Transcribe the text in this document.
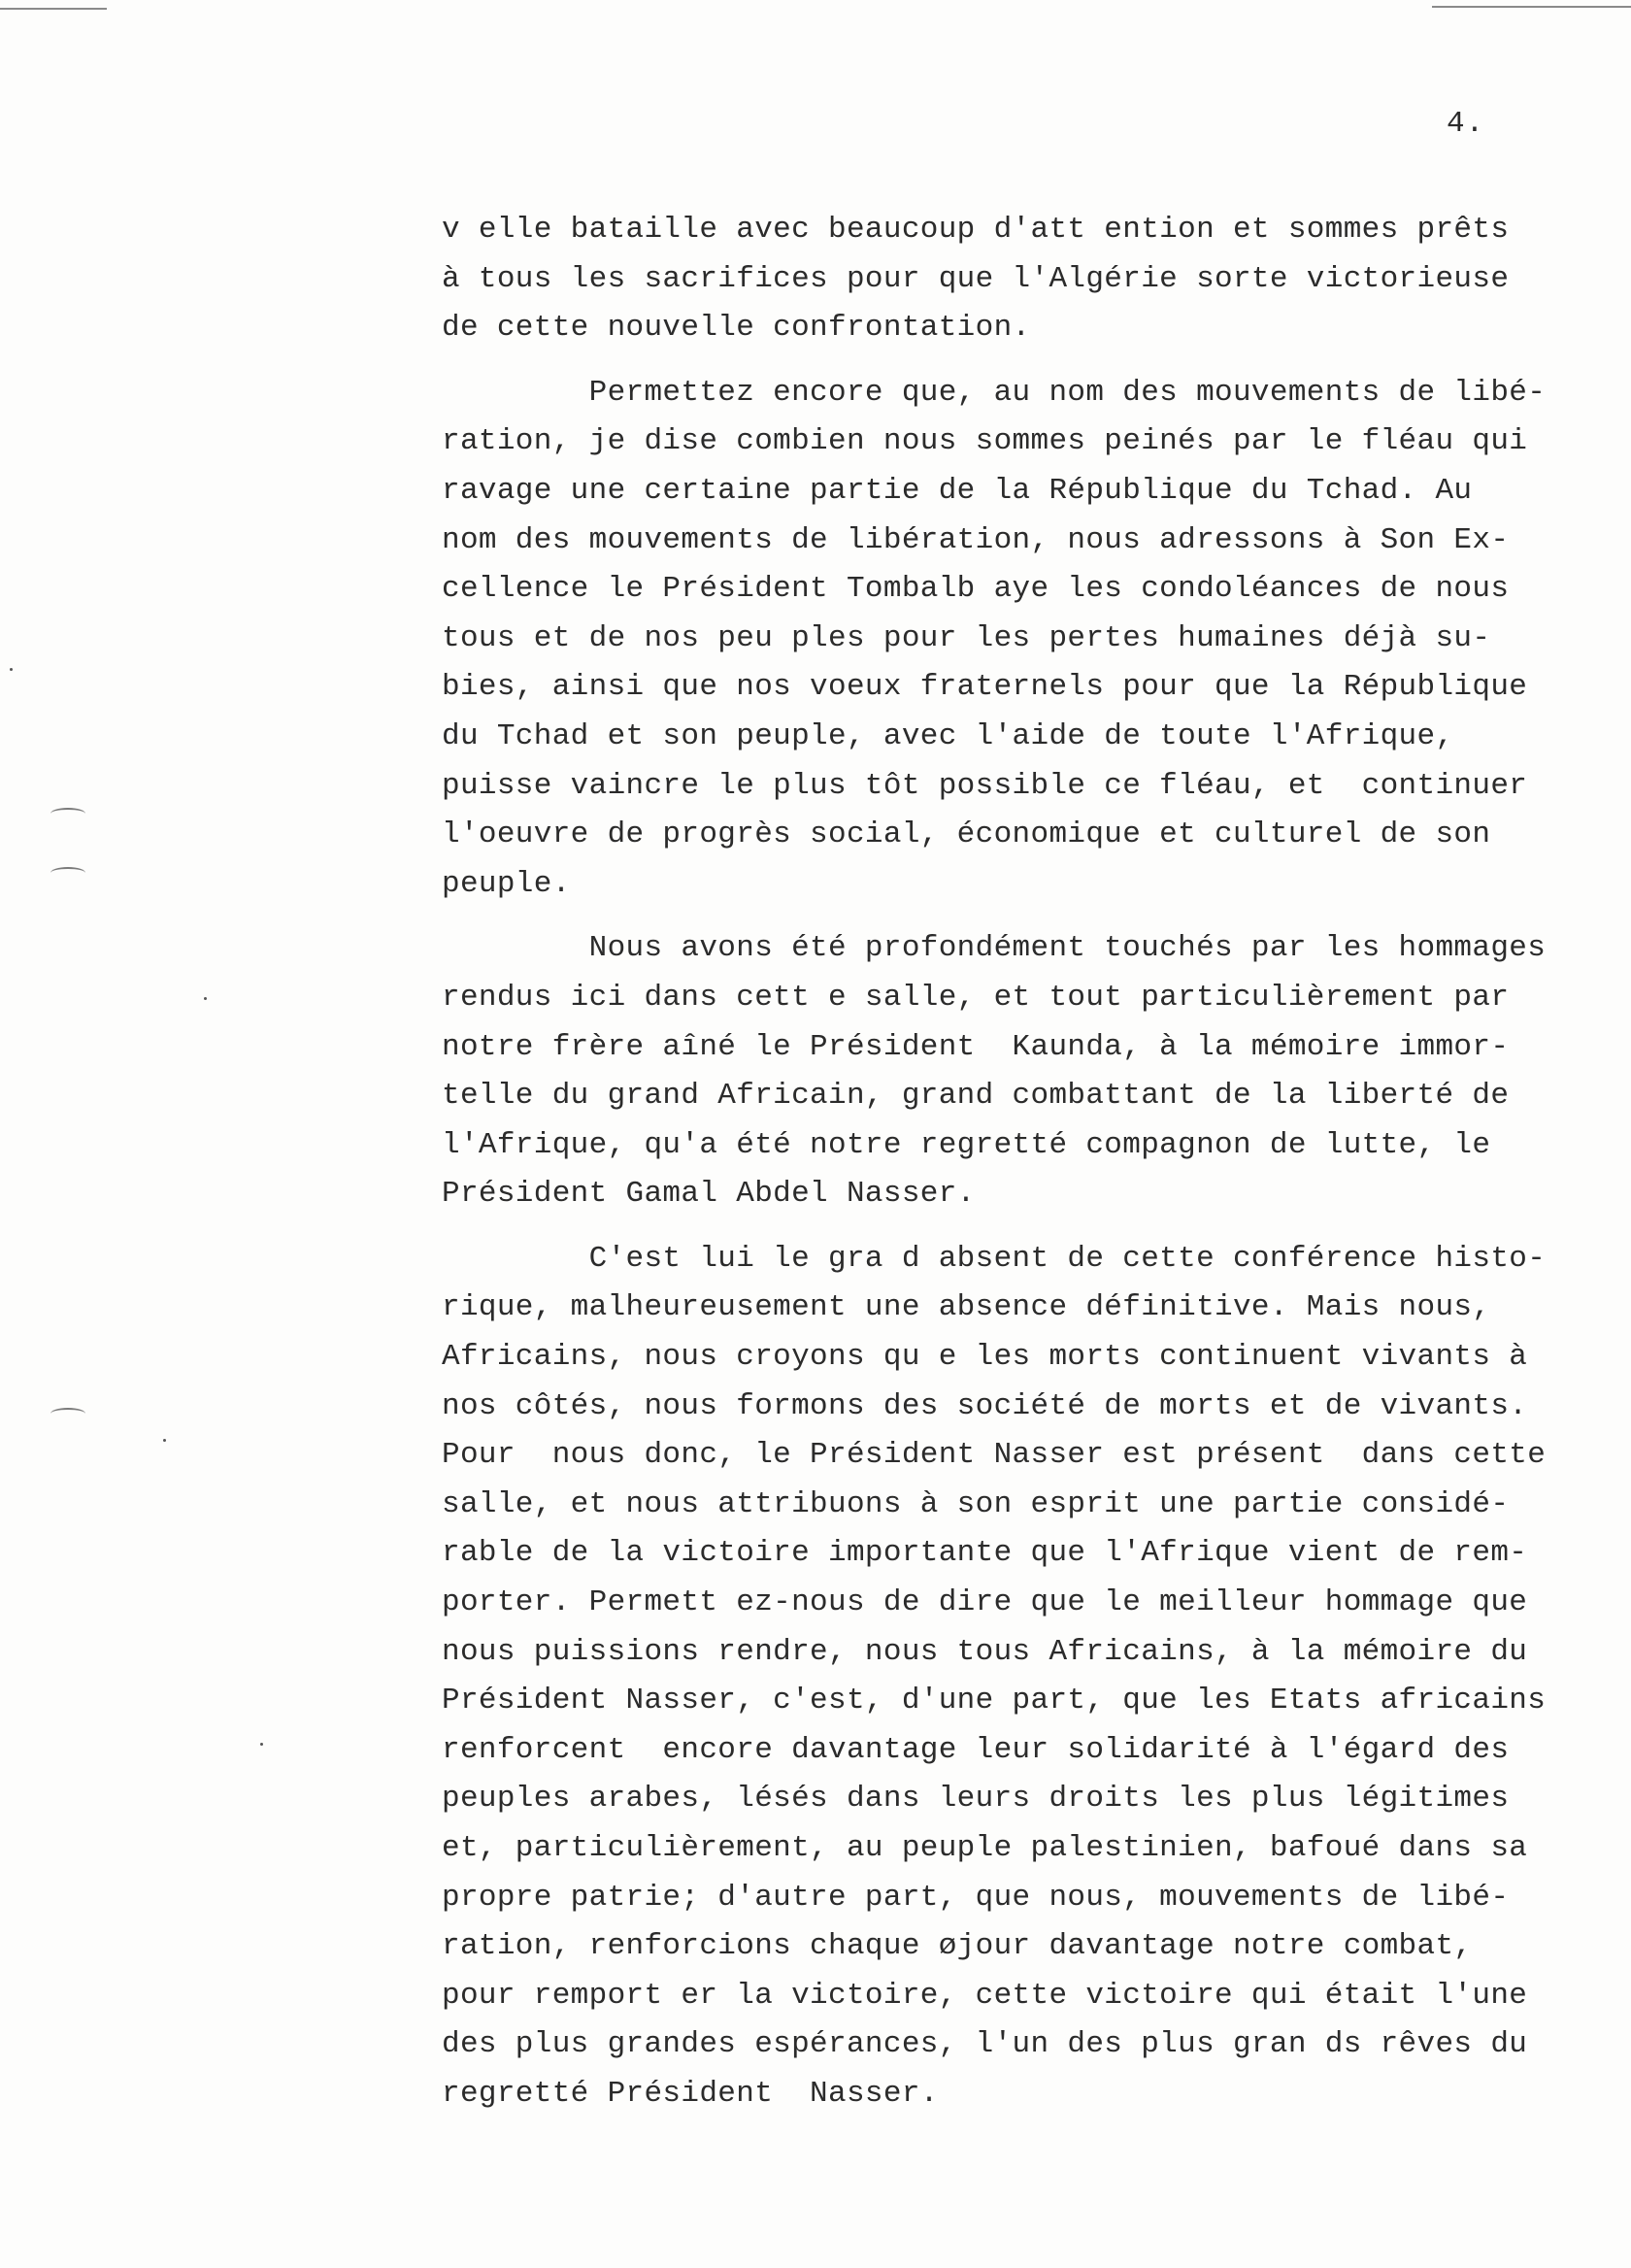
4.

v elle bataille avec beaucoup d'att ention et sommes prêts
à tous les sacrifices pour que l'Algérie sorte victorieuse
de cette nouvelle confrontation.

Permettez encore que, au nom des mouvements de libé-
ration, je dise combien nous sommes peinés par le fléau qui
ravage une certaine partie de la République du Tchad. Au
nom des mouvements de libération, nous adressons à Son Ex-
cellence le Président Tombalb aye les condoléances de nous
tous et de nos peu ples pour les pertes humaines déjà su-
bies, ainsi que nos voeux fraternels pour que la République
du Tchad et son peuple, avec l'aide de toute l'Afrique,
puisse vaincre le plus tôt possible ce fléau, et  continuer
l'oeuvre de progrès social, économique et culturel de son
peuple.

Nous avons été profondément touchés par les hommages
rendus ici dans cett e salle, et tout particulièrement par
notre frère aîné le Président  Kaunda, à la mémoire immor-
telle du grand Africain, grand combattant de la liberté de
l'Afrique, qu'a été notre regretté compagnon de lutte, le
Président Gamal Abdel Nasser.

C'est lui le gra d absent de cette conférence histo-
rique, malheureusement une absence définitive. Mais nous,
Africains, nous croyons qu e les morts continuent vivants à
nos côtés, nous formons des société de morts et de vivants.
Pour  nous donc, le Président Nasser est présent  dans cette
salle, et nous attribuons à son esprit une partie considé-
rable de la victoire importante que l'Afrique vient de rem-
porter. Permett ez-nous de dire que le meilleur hommage que
nous puissions rendre, nous tous Africains, à la mémoire du
Président Nasser, c'est, d'une part, que les Etats africains
renforcent  encore davantage leur solidarité à l'égard des
peuples arabes, lésés dans leurs droits les plus légitimes
et, particulièrement, au peuple palestinien, bafoué dans sa
propre patrie; d'autre part, que nous, mouvements de libé-
ration, renforcions chaque øjour davantage notre combat,
pour remport er la victoire, cette victoire qui était l'une
des plus grandes espérances, l'un des plus gran ds rêves du
regretté Président  Nasser.
